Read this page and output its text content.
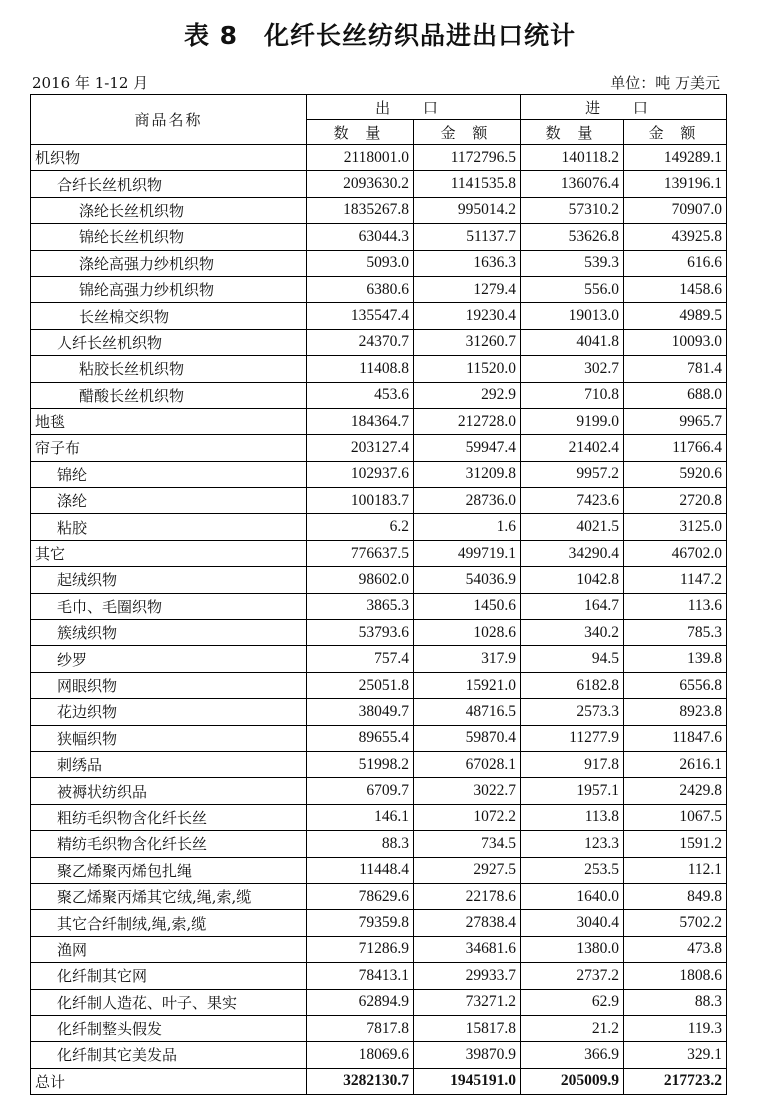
表 8 化纤长丝纺织品进出口统计
2016 年 1-12 月	单位：吨 万美元
商品名称	出 口		进 口	
	数 量	金 额	数 量	金 额
机织物	2118001.0	1172796.5	140118.2	149289.1
合纤长丝机织物	2093630.2	1141535.8	136076.4	139196.1
涤纶长丝机织物	1835267.8	995014.2	57310.2	70907.0
锦纶长丝机织物	63044.3	51137.7	53626.8	43925.8
涤纶高强力纱机织物	5093.0	1636.3	539.3	616.6
锦纶高强力纱机织物	6380.6	1279.4	556.0	1458.6
长丝棉交织物	135547.4	19230.4	19013.0	4989.5
人纤长丝机织物	24370.7	31260.7	4041.8	10093.0
粘胶长丝机织物	11408.8	11520.0	302.7	781.4
醋酸长丝机织物	453.6	292.9	710.8	688.0
地毯	184364.7	212728.0	9199.0	9965.7
帘子布	203127.4	59947.4	21402.4	11766.4
锦纶	102937.6	31209.8	9957.2	5920.6
涤纶	100183.7	28736.0	7423.6	2720.8
粘胶	6.2	1.6	4021.5	3125.0
其它	776637.5	499719.1	34290.4	46702.0
起绒织物	98602.0	54036.9	1042.8	1147.2
毛巾、毛圈织物	3865.3	1450.6	164.7	113.6
簇绒织物	53793.6	1028.6	340.2	785.3
纱罗	757.4	317.9	94.5	139.8
网眼织物	25051.8	15921.0	6182.8	6556.8
花边织物	38049.7	48716.5	2573.3	8923.8
狭幅织物	89655.4	59870.4	11277.9	11847.6
刺绣品	51998.2	67028.1	917.8	2616.1
被褥状纺织品	6709.7	3022.7	1957.1	2429.8
粗纺毛织物含化纤长丝	146.1	1072.2	113.8	1067.5
精纺毛织物含化纤长丝	88.3	734.5	123.3	1591.2
聚乙烯聚丙烯包扎绳	11448.4	2927.5	253.5	112.1
聚乙烯聚丙烯其它绒,绳,索,缆	78629.6	22178.6	1640.0	849.8
其它合纤制绒,绳,索,缆	79359.8	27838.4	3040.4	5702.2
渔网	71286.9	34681.6	1380.0	473.8
化纤制其它网	78413.1	29933.7	2737.2	1808.6
化纤制人造花、叶子、果实	62894.9	73271.2	62.9	88.3
化纤制整头假发	7817.8	15817.8	21.2	119.3
化纤制其它美发品	18069.6	39870.9	366.9	329.1
总计	3282130.7	1945191.0	205009.9	217723.2
